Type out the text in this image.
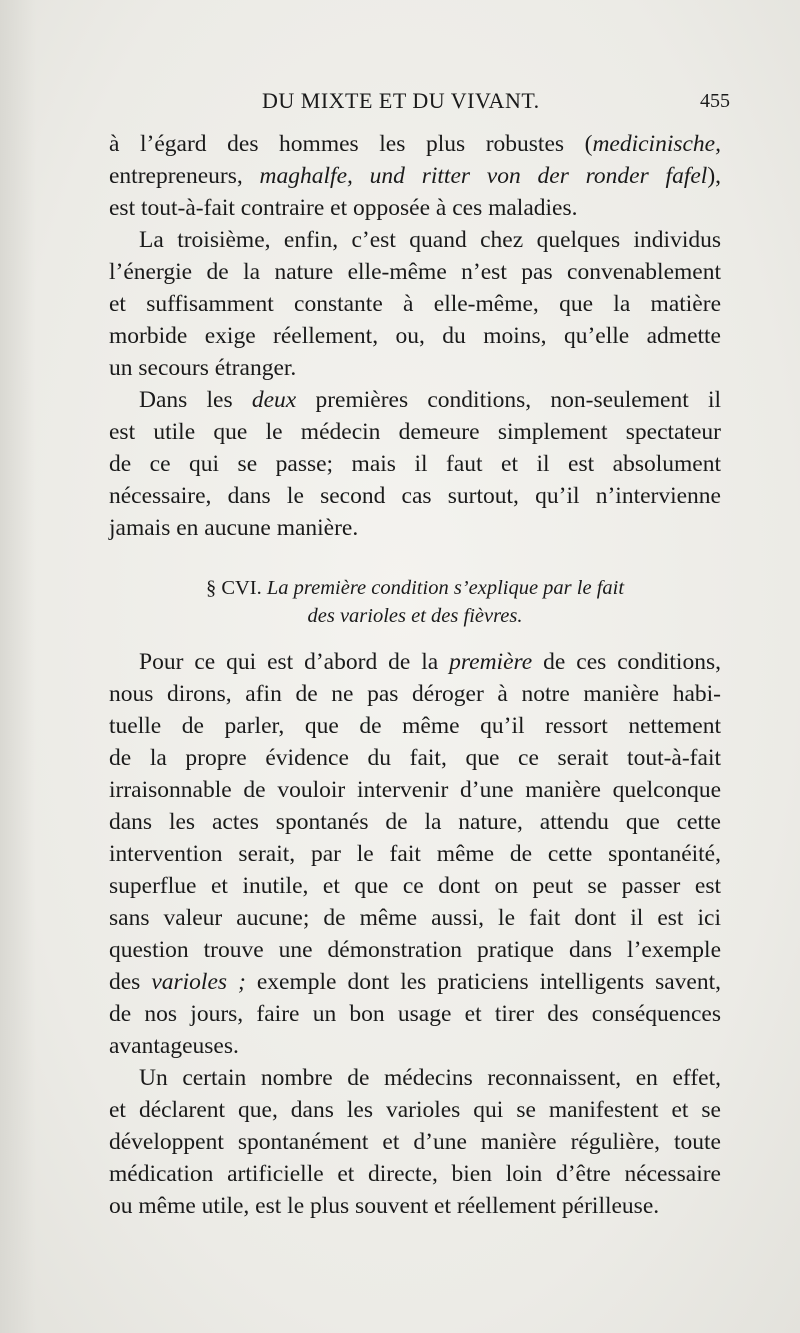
DU MIXTE ET DU VIVANT.	455
à l’égard des hommes les plus robustes (medicinische,
entrepreneurs, maghalfe, und ritter von der ronder fafel),
est tout-à-fait contraire et opposée à ces maladies.
La troisième, enfin, c’est quand chez quelques individus
l’énergie de la nature elle-même n’est pas convenablement
et suffisamment constante à elle-même, que la matière
morbide exige réellement, ou, du moins, qu’elle admette
un secours étranger.
Dans les deux premières conditions, non-seulement il
est utile que le médecin demeure simplement spectateur
de ce qui se passe; mais il faut et il est absolument
nécessaire, dans le second cas surtout, qu’il n’intervienne
jamais en aucune manière.
§ CVI. La première condition s’explique par le fait
des varioles et des fièvres.
Pour ce qui est d’abord de la première de ces conditions,
nous dirons, afin de ne pas déroger à notre manière habi-
tuelle de parler, que de même qu’il ressort nettement
de la propre évidence du fait, que ce serait tout-à-fait
irraisonnable de vouloir intervenir d’une manière quelconque
dans les actes spontanés de la nature, attendu que cette
intervention serait, par le fait même de cette spontanéité,
superflue et inutile, et que ce dont on peut se passer est
sans valeur aucune; de même aussi, le fait dont il est ici
question trouve une démonstration pratique dans l’exemple
des varioles ; exemple dont les praticiens intelligents savent,
de nos jours, faire un bon usage et tirer des conséquences
avantageuses.
Un certain nombre de médecins reconnaissent, en effet,
et déclarent que, dans les varioles qui se manifestent et se
développent spontanément et d’une manière régulière, toute
médication artificielle et directe, bien loin d’être nécessaire
ou même utile, est le plus souvent et réellement périlleuse.
